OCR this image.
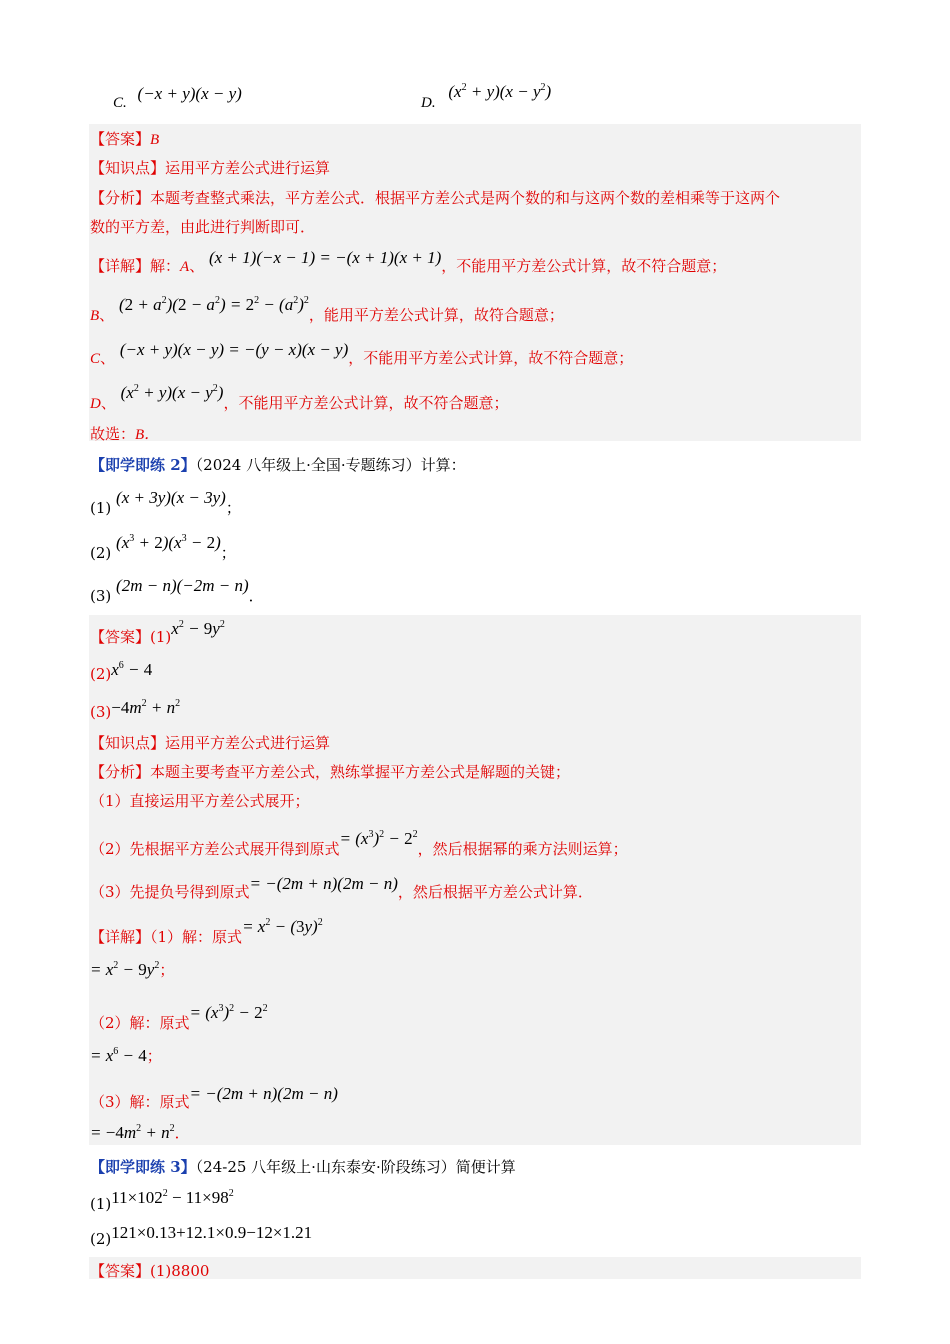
C. (−x + y)(x − y)	D. $(x^2 + y)(x - y^2)$
【答案】B
【知识点】运用平方差公式进行运算
【分析】本题考查整式乘法，平方差公式．根据平方差公式是两个数的和与这两个数的差相乘等于这两个
数的平方差，由此进行判断即可．
【详解】解：A、 (x + 1)(−x − 1) = −(x + 1)(x + 1)，不能用平方差公式计算，故不符合题意；
B、 $(2 + a^2)(2 - a^2) = 2^2 - (a^2)^2$，能用平方差公式计算，故符合题意；
C、 (−x + y)(x − y) = −(y − x)(x − y)，不能用平方差公式计算，故不符合题意；
D、 $(x^2 + y)(x - y^2)$，不能用平方差公式计算，故不符合题意；
故选：B．
【即学即练 2】（2024 八年级上·全国·专题练习）计算：
(1) (x + 3y)(x − 3y)；
(2) $(x^3 + 2)(x^3 - 2)$；
(3) (2m − n)(−2m − n)．
【答案】$(1)x^2 - 9y^2$
$(2)x^6 - 4$
$(3)-4m^2 + n^2$
【知识点】运用平方差公式进行运算
【分析】本题主要考查平方差公式，熟练掌握平方差公式是解题的关键；
（1）直接运用平方差公式展开；
（2）先根据平方差公式展开得到原式= $(x^3)^2 - 2^2$，然后根据幂的乘方法则运算；
（3）先提负号得到原式= −(2m + n)(2m − n)，然后根据平方差公式计算．
【详解】（1）解：原式= $x^2 - (3y)^2$
= $x^2 - 9y^2$；
（2）解：原式= $(x^3)^2 - 2^2$
= $x^6 - 4$；
（3）解：原式= −(2m + n)(2m − n)
= $-4m^2 + n^2$．
【即学即练 3】（24-25 八年级上·山东泰安·阶段练习）简便计算
$(1)11\times 102^2 - 11\times 98^2$
(2)121×0.13+12.1×0.9−12×1.21
【答案】(1)8800
